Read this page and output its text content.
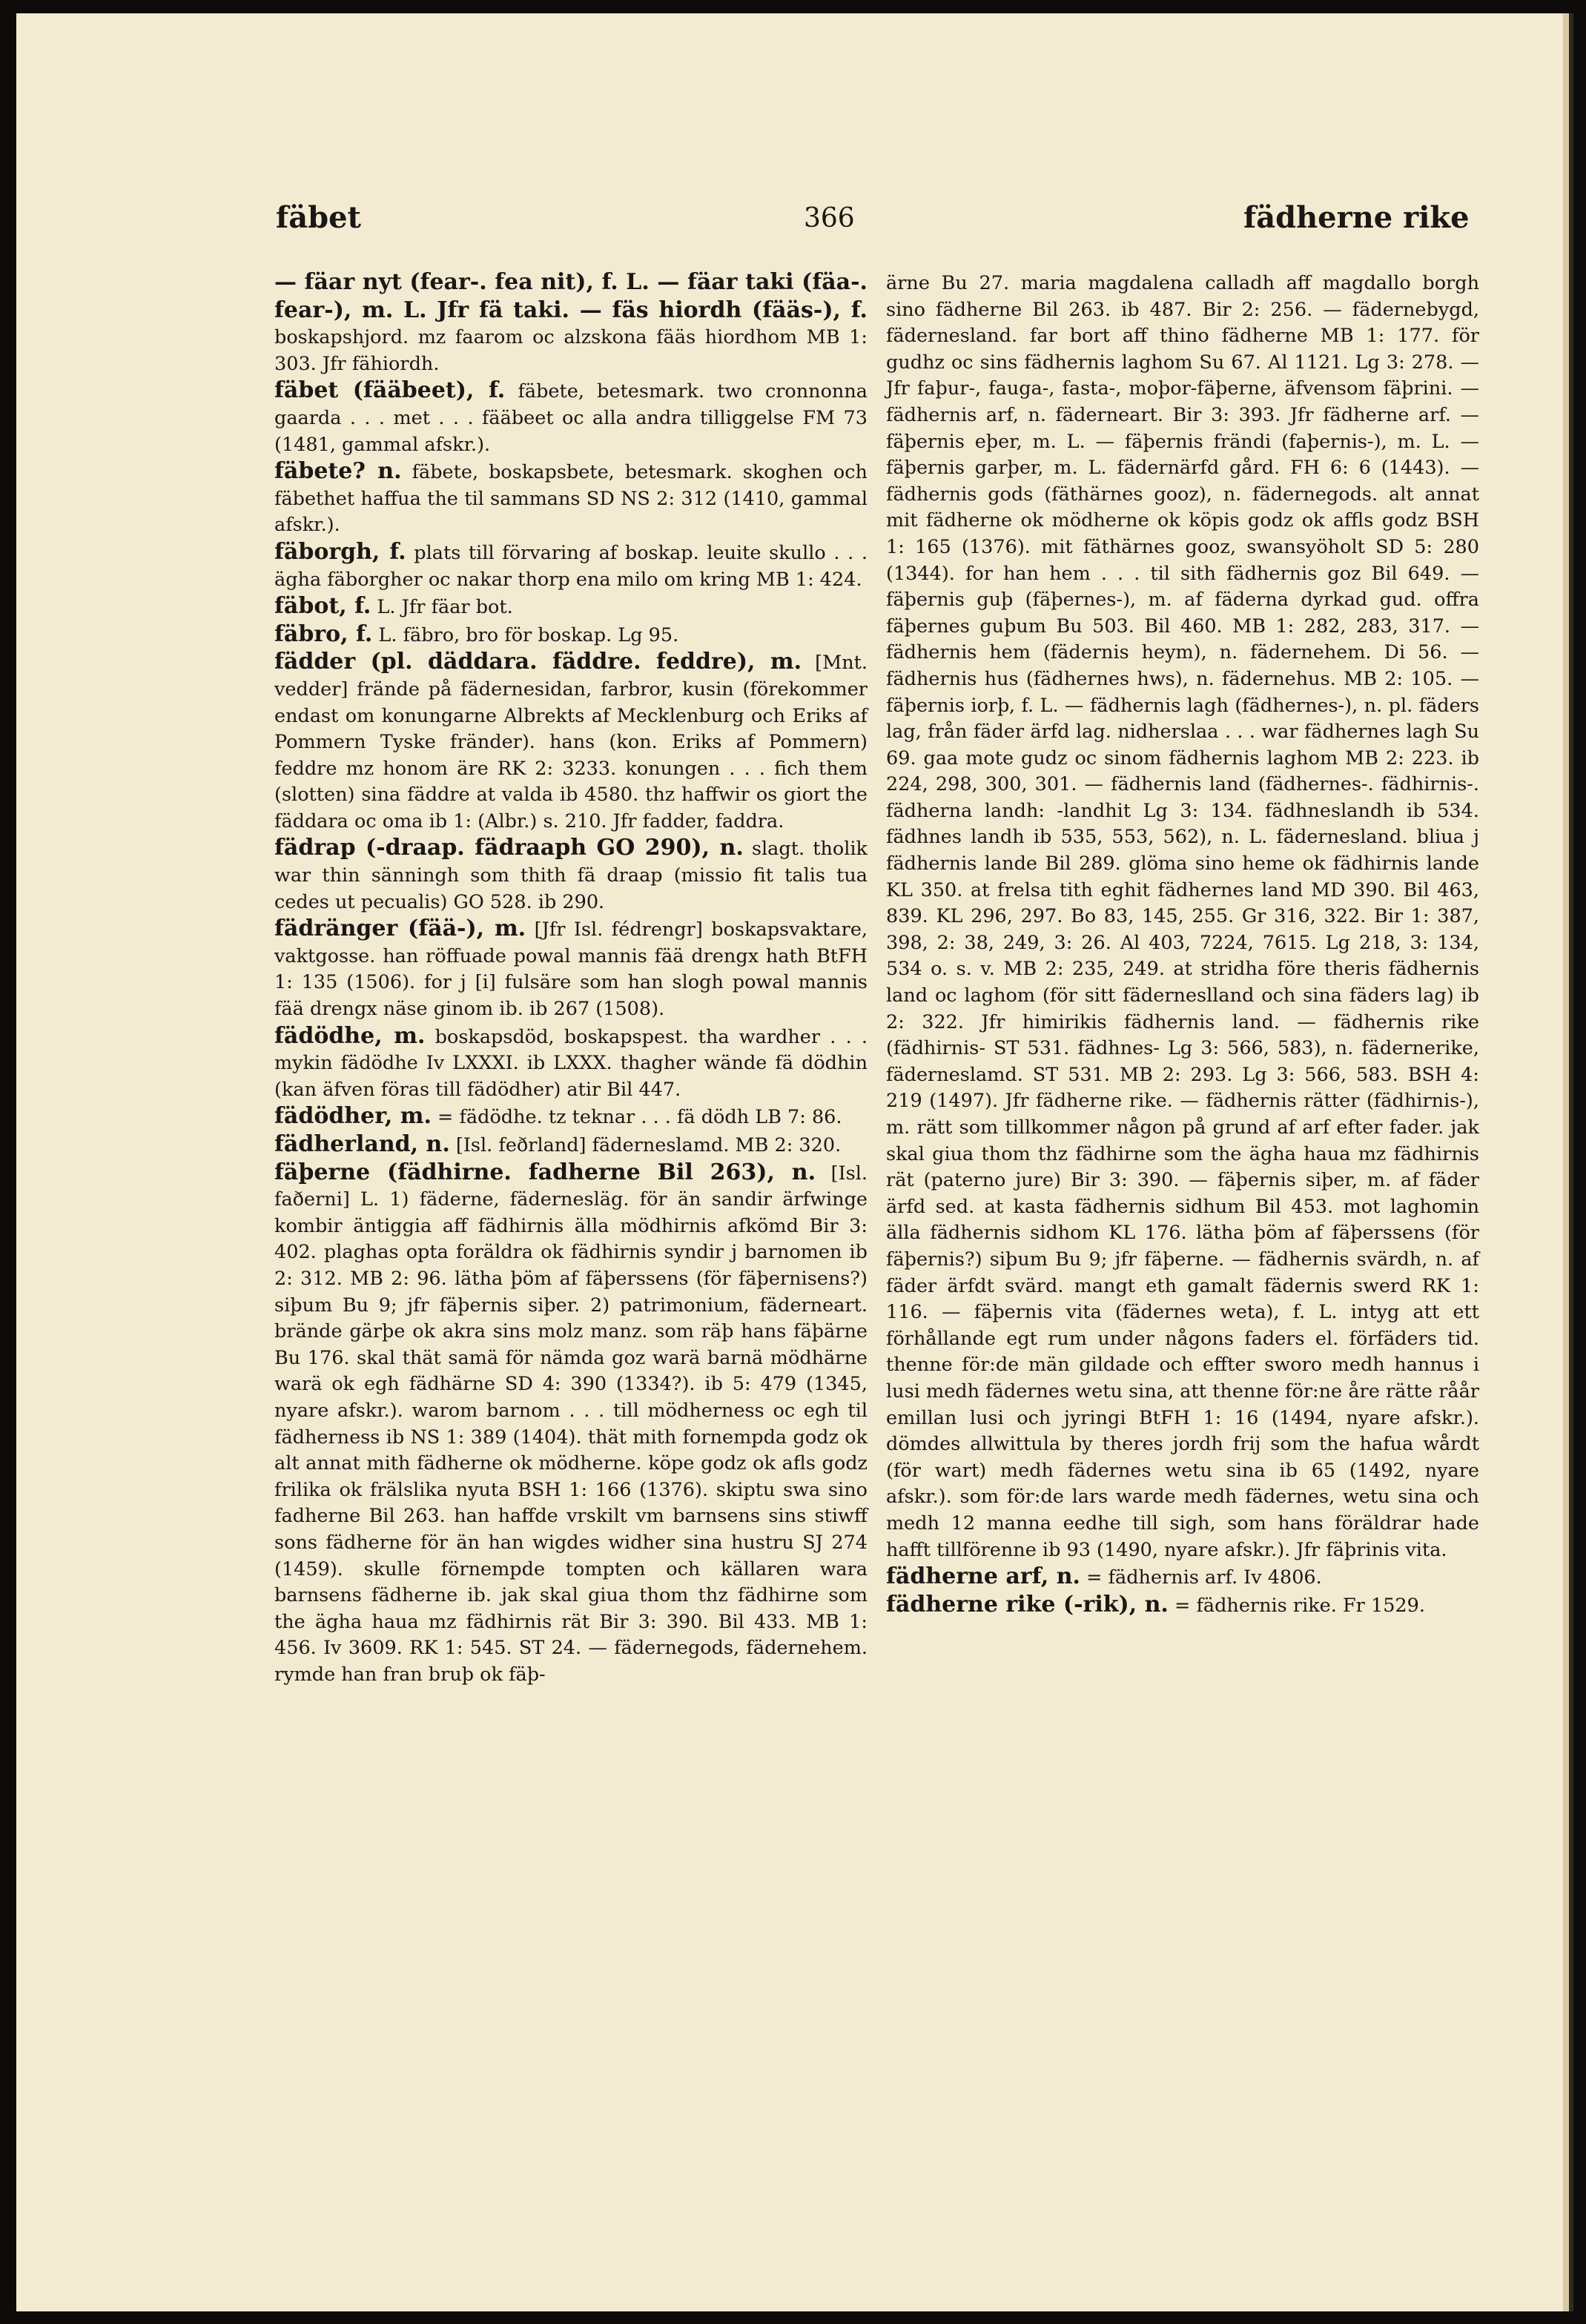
fäbet	366	fädherne rike
— fäar nyt (fear-. fea nit), f. L. — fäar taki (fäa-. fear-), m. L. Jfr fä taki. — fäs hiordh (fääs-), f. boskapshjord. mz faarom oc alzskona fääs hiordhom MB 1: 303. Jfr fähiordh.
fäbet (fääbeet), f. fäbete, betesmark. two cronnonna gaarda . . . met . . . fääbeet oc alla andra tilliggelse FM 73 (1481, gammal afskr.).
fäbete? n. fäbete, boskapsbete, betesmark. skoghen och fäbethet haffua the til sammans SD NS 2: 312 (1410, gammal afskr.).
fäborgh, f. plats till förvaring af boskap. leuite skullo . . . ägha fäborgher oc nakar thorp ena milo om kring MB 1: 424.
fäbot, f. L. Jfr fäar bot.
fäbro, f. L. fäbro, bro för boskap. Lg 95.
fädder (pl. däddara. fäddre. feddre), m. [Mnt. vedder] frände på fädernesidan, farbror, kusin (förekommer endast om konungarne Albrekts af Mecklenburg och Eriks af Pommern Tyske fränder). hans (kon. Eriks af Pommern) feddre mz honom äre RK 2: 3233. konungen . . . fich them (slotten) sina fäddre at valda ib 4580. thz haffwir os giort the fäddara oc oma ib 1: (Albr.) s. 210. Jfr fadder, faddra.
fädrap (-draap. fädraaph GO 290), n. slagt. tholik war thin sänningh som thith fä draap (missio fit talis tua cedes ut pecualis) GO 528. ib 290.
fädränger (fää-), m. [Jfr Isl. fédrengr] boskapsvaktare, vaktgosse. han röffuade powal mannis fää drengx hath BtFH 1: 135 (1506). for j [i] fulsäre som han slogh powal mannis fää drengx näse ginom ib. ib 267 (1508).
fädödhe, m. boskapsdöd, boskapspest. tha wardher . . . mykin fädödhe Iv LXXXI. ib LXXX. thagher wände fä dödhin (kan äfven föras till fädödher) atir Bil 447.
fädödher, m. = fädödhe. tz teknar . . . fä dödh LB 7: 86.
fädherland, n. [Isl. feðrland] fäderneslamd. MB 2: 320.
fäþerne (fädhirne. fadherne Bil 263), n. [Isl. faðerni] L. 1) fäderne, fädernesläg. för än sandir ärfwinge kombir äntiggia aff fädhirnis älla mödhirnis afkömd Bir 3: 402. plaghas opta foräldra ok fädhirnis syndir j barnomen ib 2: 312. MB 2: 96. lätha þöm af fäþerssens (för fäþernisens?) siþum Bu 9; jfr fäþernis siþer. 2) patrimonium, fäderneart. brände gärþe ok akra sins molz manz. som räþ hans fäþärne Bu 176. skal thät samä för nämda goz warä barnä mödhärne warä ok egh fädhärne SD 4: 390 (1334?). ib 5: 479 (1345, nyare afskr.). warom barnom . . . till mödherness oc egh til fädherness ib NS 1: 389 (1404). thät mith fornempda godz ok alt annat mith fädherne ok mödherne. köpe godz ok afls godz frilika ok frälslika nyuta BSH 1: 166 (1376). skiptu swa sino fadherne Bil 263. han haffde vrskilt vm barnsens sins stiwff sons fädherne för än han wigdes widher sina hustru SJ 274 (1459). skulle förnempde tompten och källaren wara barnsens fädherne ib. jak skal giua thom thz fädhirne som the ägha haua mz fädhirnis rät Bir 3: 390. Bil 433. MB 1: 456. Iv 3609. RK 1: 545. ST 24. — fädernegods, fädernehem. rymde han fran bruþ ok fäþ-
ärne Bu 27. maria magdalena calladh aff magdallo borgh sino fädherne Bil 263. ib 487. Bir 2: 256. — fädernebygd, fädernesland. far bort aff thino fädherne MB 1: 177. för gudhz oc sins fädhernis laghom Su 67. Al 1121. Lg 3: 278. — Jfr faþur-, fauga-, fasta-, moþor-fäþerne, äfvensom fäþrini. — fädhernis arf, n. fäderneart. Bir 3: 393. Jfr fädherne arf. — fäþernis eþer, m. L. — fäþernis frändi (faþernis-), m. L. — fäþernis garþer, m. L. fädernärfd gård. FH 6: 6 (1443). — fädhernis gods (fäthärnes gooz), n. fädernegods. alt annat mit fädherne ok mödherne ok köpis godz ok affls godz BSH 1: 165 (1376). mit fäthärnes gooz, swansyöholt SD 5: 280 (1344). for han hem . . . til sith fädhernis goz Bil 649. — fäþernis guþ (fäþernes-), m. af fäderna dyrkad gud. offra fäþernes guþum Bu 503. Bil 460. MB 1: 282, 283, 317. — fädhernis hem (fädernis heym), n. fädernehem. Di 56. — fädhernis hus (fädhernes hws), n. fädernehus. MB 2: 105. — fäþernis iorþ, f. L. — fädhernis lagh (fädhernes-), n. pl. fäders lag, från fäder ärfd lag. nidherslaa . . . war fädhernes lagh Su 69. gaa mote gudz oc sinom fädhernis laghom MB 2: 223. ib 224, 298, 300, 301. — fädhernis land (fädhernes-. fädhirnis-. fädherna landh: -landhit Lg 3: 134. fädhneslandh ib 534. fädhnes landh ib 535, 553, 562), n. L. fädernesland. bliua j fädhernis lande Bil 289. glöma sino heme ok fädhirnis lande KL 350. at frelsa tith eghit fädhernes land MD 390. Bil 463, 839. KL 296, 297. Bo 83, 145, 255. Gr 316, 322. Bir 1: 387, 398, 2: 38, 249, 3: 26. Al 403, 7224, 7615. Lg 218, 3: 134, 534 o. s. v. MB 2: 235, 249. at stridha före theris fädhernis land oc laghom (för sitt fäderneslland och sina fäders lag) ib 2: 322. Jfr himirikis fädhernis land. — fädhernis rike (fädhirnis- ST 531. fädhnes- Lg 3: 566, 583), n. fädernerike, fäderneslamd. ST 531. MB 2: 293. Lg 3: 566, 583. BSH 4: 219 (1497). Jfr fädherne rike. — fädhernis rätter (fädhirnis-), m. rätt som tillkommer någon på grund af arf efter fader. jak skal giua thom thz fädhirne som the ägha haua mz fädhirnis rät (paterno jure) Bir 3: 390. — fäþernis siþer, m. af fäder ärfd sed. at kasta fädhernis sidhum Bil 453. mot laghomin älla fädhernis sidhom KL 176. lätha þöm af fäþerssens (för fäþernis?) siþum Bu 9; jfr fäþerne. — fädhernis svärdh, n. af fäder ärfdt svärd. mangt eth gamalt fädernis swerd RK 1: 116. — fäþernis vita (fädernes weta), f. L. intyg att ett förhållande egt rum under någons faders el. förfäders tid. thenne för:de män gildade och effter sworo medh hannus i lusi medh fädernes wetu sina, att thenne för:ne åre rätte råår emillan lusi och jyringi BtFH 1: 16 (1494, nyare afskr.). dömdes allwittula by theres jordh frij som the hafua wårdt (för wart) medh fädernes wetu sina ib 65 (1492, nyare afskr.). som för:de lars warde medh fädernes, wetu sina och medh 12 manna eedhe till sigh, som hans föräldrar hade hafft tillförenne ib 93 (1490, nyare afskr.). Jfr fäþrinis vita.
fädherne arf, n. = fädhernis arf. Iv 4806.
fädherne rike (-rik), n. = fädhernis rike. Fr 1529.
